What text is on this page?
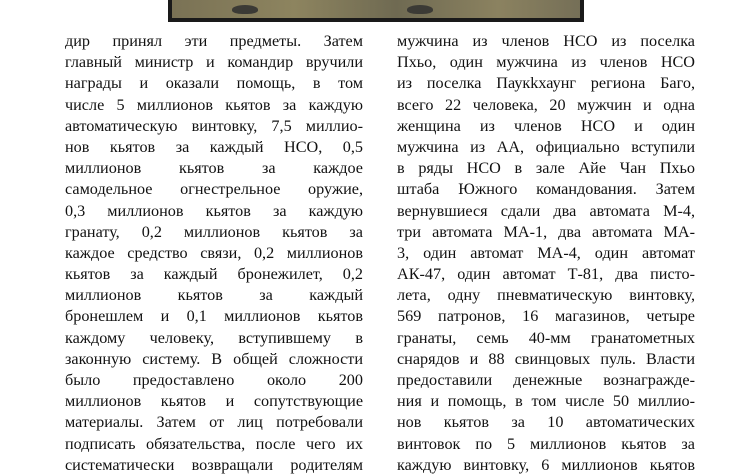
дир принял эти предметы. Затем
главный министр и командир вручили
награды и оказали помощь, в том
числе 5 миллионов кьятов за каждую
автоматическую винтовку, 7,5 миллио-
нов кьятов за каждый НСО, 0,5
миллионов кьятов за каждое
самодельное огнестрельное оружие,
0,3 миллионов кьятов за каждую
гранату, 0,2 миллионов кьятов за
каждое средство связи, 0,2 миллионов
кьятов за каждый бронежилет, 0,2
миллионов кьятов за каждый
бронешлем и 0,1 миллионов кьятов
каждому человеку, вступившему в
законную систему. В общей сложности
было предоставлено около 200
миллионов кьятов и сопутствующие
материалы. Затем от лиц потребовали
подписать обязательства, после чего их
систематически возвращали родителям
мужчина из членов НСО из поселка
Пхьо, один мужчина из членов НСО
из поселка Паукkхаунг региона Баго,
всего 22 человека, 20 мужчин и одна
женщина из членов НСО и один
мужчина из АА, официально вступили
в ряды НСО в зале Айе Чан Пхьо
штаба Южного командования. Затем
вернувшиеся сдали два автомата М-4,
три автомата МА-1, два автомата МА-
3, один автомат МА-4, один автомат
АК-47, один автомат Т-81, два писто-
лета, одну пневматическую винтовку,
569 патронов, 16 магазинов, четыре
гранаты, семь 40-мм гранатометных
снарядов и 88 свинцовых пуль. Власти
предоставили денежные вознагражде-
ния и помощь, в том числе 50 миллио-
нов кьятов за 10 автоматических
винтовок по 5 миллионов кьятов за
каждую винтовку, 6 миллионов кьятов
